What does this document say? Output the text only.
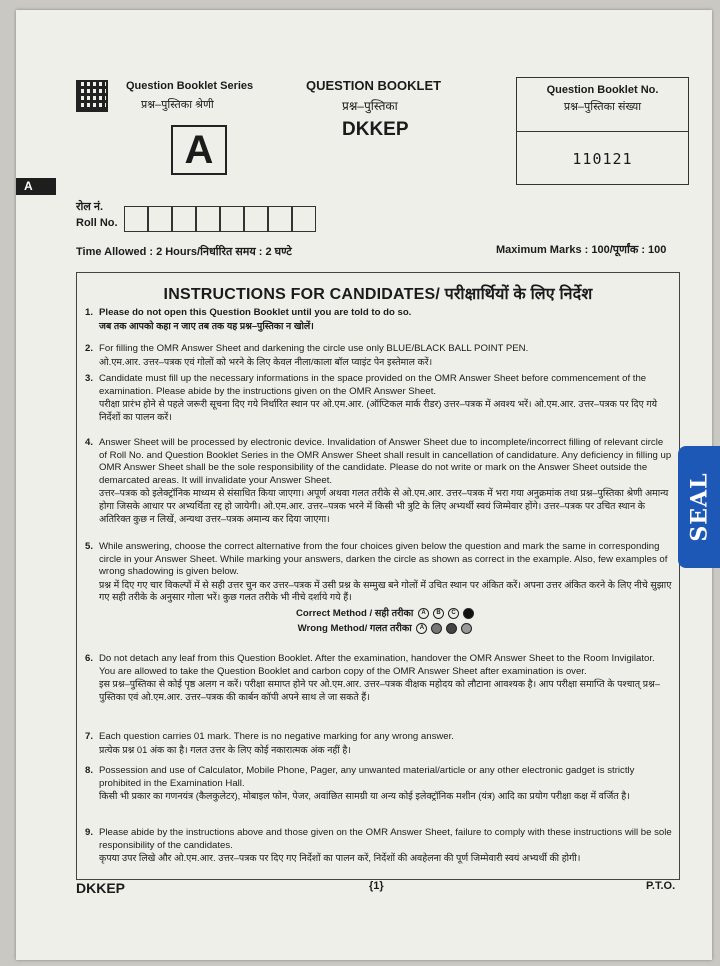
Question Booklet Series
प्रश्न–पुस्तिका श्रेणी
QUESTION BOOKLET
प्रश्न–पुस्तिका
DKKEP
A
Question Booklet No.
प्रश्न–पुस्तिका संख्या
110121
A
रोल नं.
Roll No.
Time Allowed : 2 Hours/निर्धारित समय : 2 घण्टे	Maximum Marks : 100/पूर्णांक : 100
INSTRUCTIONS FOR CANDIDATES/ परीक्षार्थियों के लिए निर्देश
1. Please do not open this Question Booklet until you are told to do so.
जब तक आपको कहा न जाए तब तक यह प्रश्न–पुस्तिका न खोलें।
2. For filling the OMR Answer Sheet and darkening the circle use only BLUE/BLACK BALL POINT PEN.
ओ.एम.आर. उत्तर–पत्रक एवं गोलों को भरने के लिए केवल नीला/काला बॉल प्वाइंट पेन इस्तेमाल करें।
3. Candidate must fill up the necessary informations in the space provided on the OMR Answer Sheet before commencement of the examination. Please abide by the instructions given on the OMR Answer Sheet.
परीक्षा प्रारंभ होने से पहले जरूरी सूचना दिए गये निर्धारित स्थान पर ओ.एम.आर. (ऑप्टिकल मार्क रीडर) उत्तर–पत्रक में अवश्य भरें। ओ.एम.आर. उत्तर–पत्रक पर दिए गये निर्देशों का पालन करें।
4. Answer Sheet will be processed by electronic device. Invalidation of Answer Sheet due to incomplete/incorrect filling of relevant circle of Roll No. and Question Booklet Series in the OMR Answer Sheet shall result in cancellation of candidature. Any deficiency in filling up OMR Answer Sheet shall be the sole responsibility of the candidate. Please do not write or mark on the Answer Sheet outside the demarcated areas. It will invalidate your Answer Sheet.
उत्तर–पत्रक को इलेक्ट्रॉनिक माध्यम से संसाधित किया जाएगा। अपूर्ण अथवा गलत तरीके से ओ.एम.आर. उत्तर–पत्रक में भरा गया अनुक्रमांक तथा प्रश्न–पुस्तिका श्रेणी अमान्य होगा जिसके आधार पर अभ्यर्थिता रद्द हो जायेगी। ओ.एम.आर. उत्तर–पत्रक भरने में किसी भी त्रुटि के लिए अभ्यर्थी स्वयं जिम्मेवार होंगे। उत्तर–पत्रक पर उचित स्थान के अतिरिक्त कुछ न लिखें, अन्यथा उत्तर–पत्रक अमान्य कर दिया जाएगा।
5. While answering, choose the correct alternative from the four choices given below the question and mark the same in corresponding circle in your Answer Sheet. While marking your answers, darken the circle as shown as correct in the example. Also, few examples of wrong shadowing is given below.
प्रश्न में दिए गए चार विकल्पों में से सही उत्तर चुन कर उत्तर–पत्रक में उसी प्रश्न के सम्मुख बने गोलों में उचित स्थान पर अंकित करें। अपना उत्तर अंकित करने के लिए नीचे सुझाए गए सही तरीके के अनुसार गोला भरें। कुछ गलत तरीके भी नीचे दर्शाये गये हैं।
Correct Method / सही तरीका A B C
Wrong Method/ गलत तरीका A
6. Do not detach any leaf from this Question Booklet. After the examination, handover the OMR Answer Sheet to the Room Invigilator. You are allowed to take the Question Booklet and carbon copy of the OMR Answer Sheet after examination is over.
इस प्रश्न–पुस्तिका से कोई पृष्ठ अलग न करें। परीक्षा समाप्त होने पर ओ.एम.आर. उत्तर–पत्रक वीक्षक महोदय को लौटाना आवश्यक है। आप परीक्षा समाप्ति के पश्चात् प्रश्न–पुस्तिका एवं ओ.एम.आर. उत्तर–पत्रक की कार्बन कॉपी अपने साथ ले जा सकते हैं।
7. Each question carries 01 mark. There is no negative marking for any wrong answer.
प्रत्येक प्रश्न 01 अंक का है। गलत उत्तर के लिए कोई नकारात्मक अंक नहीं है।
8. Possession and use of Calculator, Mobile Phone, Pager, any unwanted material/article or any other electronic gadget is strictly prohibited in the Examination Hall.
किसी भी प्रकार का गणनयंत्र (कैलकुलेटर), मोबाइल फोन, पेजर, अवांछित सामग्री या अन्य कोई इलेक्ट्रॉनिक मशीन (यंत्र) आदि का प्रयोग परीक्षा कक्ष में वर्जित है।
9. Please abide by the instructions above and those given on the OMR Answer Sheet, failure to comply with these instructions will be sole responsibility of the candidates.
कृपया उपर लिखे और ओ.एम.आर. उत्तर–पत्रक पर दिए गए निर्देशों का पालन करें, निर्देशों की अवहेलना की पूर्ण जिम्मेवारी स्वयं अभ्यर्थी की होगी।
DKKEP	{1}	P.T.O.
SEAL
